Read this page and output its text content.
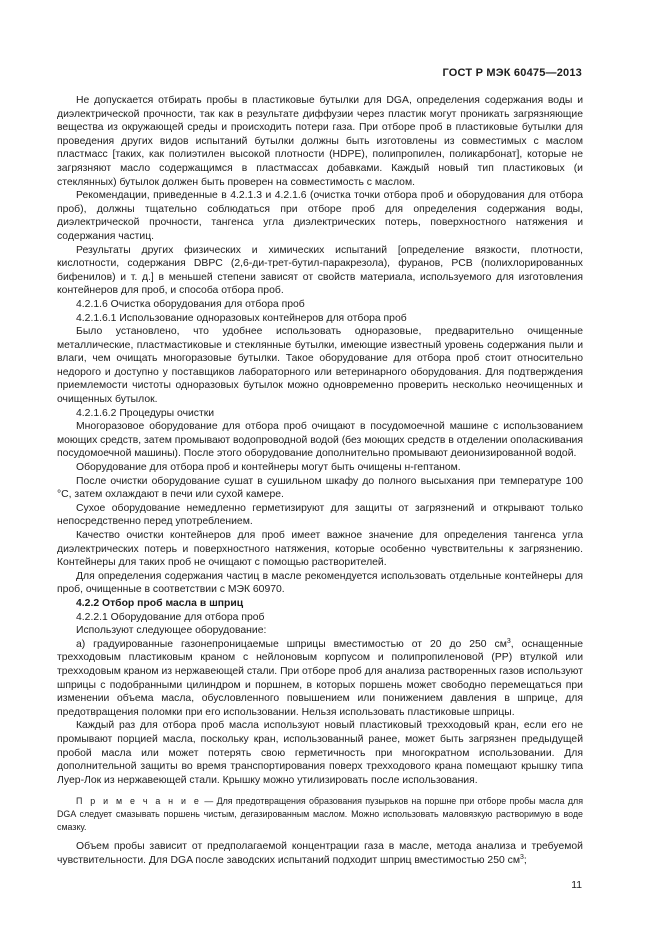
ГОСТ Р МЭК 60475—2013

Не допускается отбирать пробы в пластиковые бутылки для DGA, определения содержания воды и диэлектрической прочности, так как в результате диффузии через пластик могут проникать загрязняющие вещества из окружающей среды и происходить потери газа. При отборе проб в пластиковые бутылки для проведения других видов испытаний бутылки должны быть изготовлены из совместимых с маслом пластмасс [таких, как полиэтилен высокой плотности (HDPE), полипропилен, поликарбонат], которые не загрязняют масло содержащимся в пластмассах добавками. Каждый новый тип пластиковых (и стеклянных) бутылок должен быть проверен на совместимость с маслом.

Рекомендации, приведенные в 4.2.1.3 и 4.2.1.6 (очистка точки отбора проб и оборудования для отбора проб), должны тщательно соблюдаться при отборе проб для определения содержания воды, диэлектрической прочности, тангенса угла диэлектрических потерь, поверхностного натяжения и содержания частиц.

Результаты других физических и химических испытаний [определение вязкости, плотности, кислотности, содержания DBPC (2,6-ди-трет-бутил-паракрезола), фуранов, PCB (полихлорированных бифенилов) и т. д.] в меньшей степени зависят от свойств материала, используемого для изготовления контейнеров для проб, и способа отбора проб.

4.2.1.6 Очистка оборудования для отбора проб

4.2.1.6.1 Использование одноразовых контейнеров для отбора проб

Было установлено, что удобнее использовать одноразовые, предварительно очищенные металлические, пластмастиковые и стеклянные бутылки, имеющие известный уровень содержания пыли и влаги, чем очищать многоразовые бутылки. Такое оборудование для отбора проб стоит относительно недорого и доступно у поставщиков лабораторного или ветеринарного оборудования. Для подтверждения приемлемости чистоты одноразовых бутылок можно одновременно проверить несколько неочищенных и очищенных бутылок.

4.2.1.6.2 Процедуры очистки

Многоразовое оборудование для отбора проб очищают в посудомоечной машине с использованием моющих средств, затем промывают водопроводной водой (без моющих средств в отделении ополаскивания посудомоечной машины). После этого оборудование дополнительно промывают деионизированной водой.

Оборудование для отбора проб и контейнеры могут быть очищены н-гептаном.

После очистки оборудование сушат в сушильном шкафу до полного высыхания при температуре 100 °C, затем охлаждают в печи или сухой камере.

Сухое оборудование немедленно герметизируют для защиты от загрязнений и открывают только непосредственно перед употреблением.

Качество очистки контейнеров для проб имеет важное значение для определения тангенса угла диэлектрических потерь и поверхностного натяжения, которые особенно чувствительны к загрязнению. Контейнеры для таких проб не очищают с помощью растворителей.

Для определения содержания частиц в масле рекомендуется использовать отдельные контейнеры для проб, очищенные в соответствии с МЭК 60970.

4.2.2 Отбор проб масла в шприц

4.2.2.1 Оборудование для отбора проб

Используют следующее оборудование:

а) градуированные газонепроницаемые шприцы вместимостью от 20 до 250 $см^3$, оснащенные трехходовым пластиковым краном с нейлоновым корпусом и полипропиленовой (PP) втулкой или трехходовым краном из нержавеющей стали. При отборе проб для анализа растворенных газов используют шприцы с подобранными цилиндром и поршнем, в которых поршень может свободно перемещаться при изменении объема масла, обусловленного повышением или понижением давления в шприце, для предотвращения поломки при его использовании. Нельзя использовать пластиковые шприцы.

Каждый раз для отбора проб масла используют новый пластиковый трехходовый кран, если его не промывают порцией масла, поскольку кран, использованный ранее, может быть загрязнен предыдущей пробой масла или может потерять свою герметичность при многократном использовании. Для дополнительной защиты во время транспортирования поверх трехходового крана помещают крышку типа Луер-Лок из нержавеющей стали. Крышку можно утилизировать после использования.

П р и м е ч а н и е — Для предотвращения образования пузырьков на поршне при отборе пробы масла для DGA следует смазывать поршень чистым, дегазированным маслом. Можно использовать маловязкую растворимую в воде смазку.

Объем пробы зависит от предполагаемой концентрации газа в масле, метода анализа и требуемой чувствительности. Для DGA после заводских испытаний подходит шприц вместимостью 250 $см^3$;

11
